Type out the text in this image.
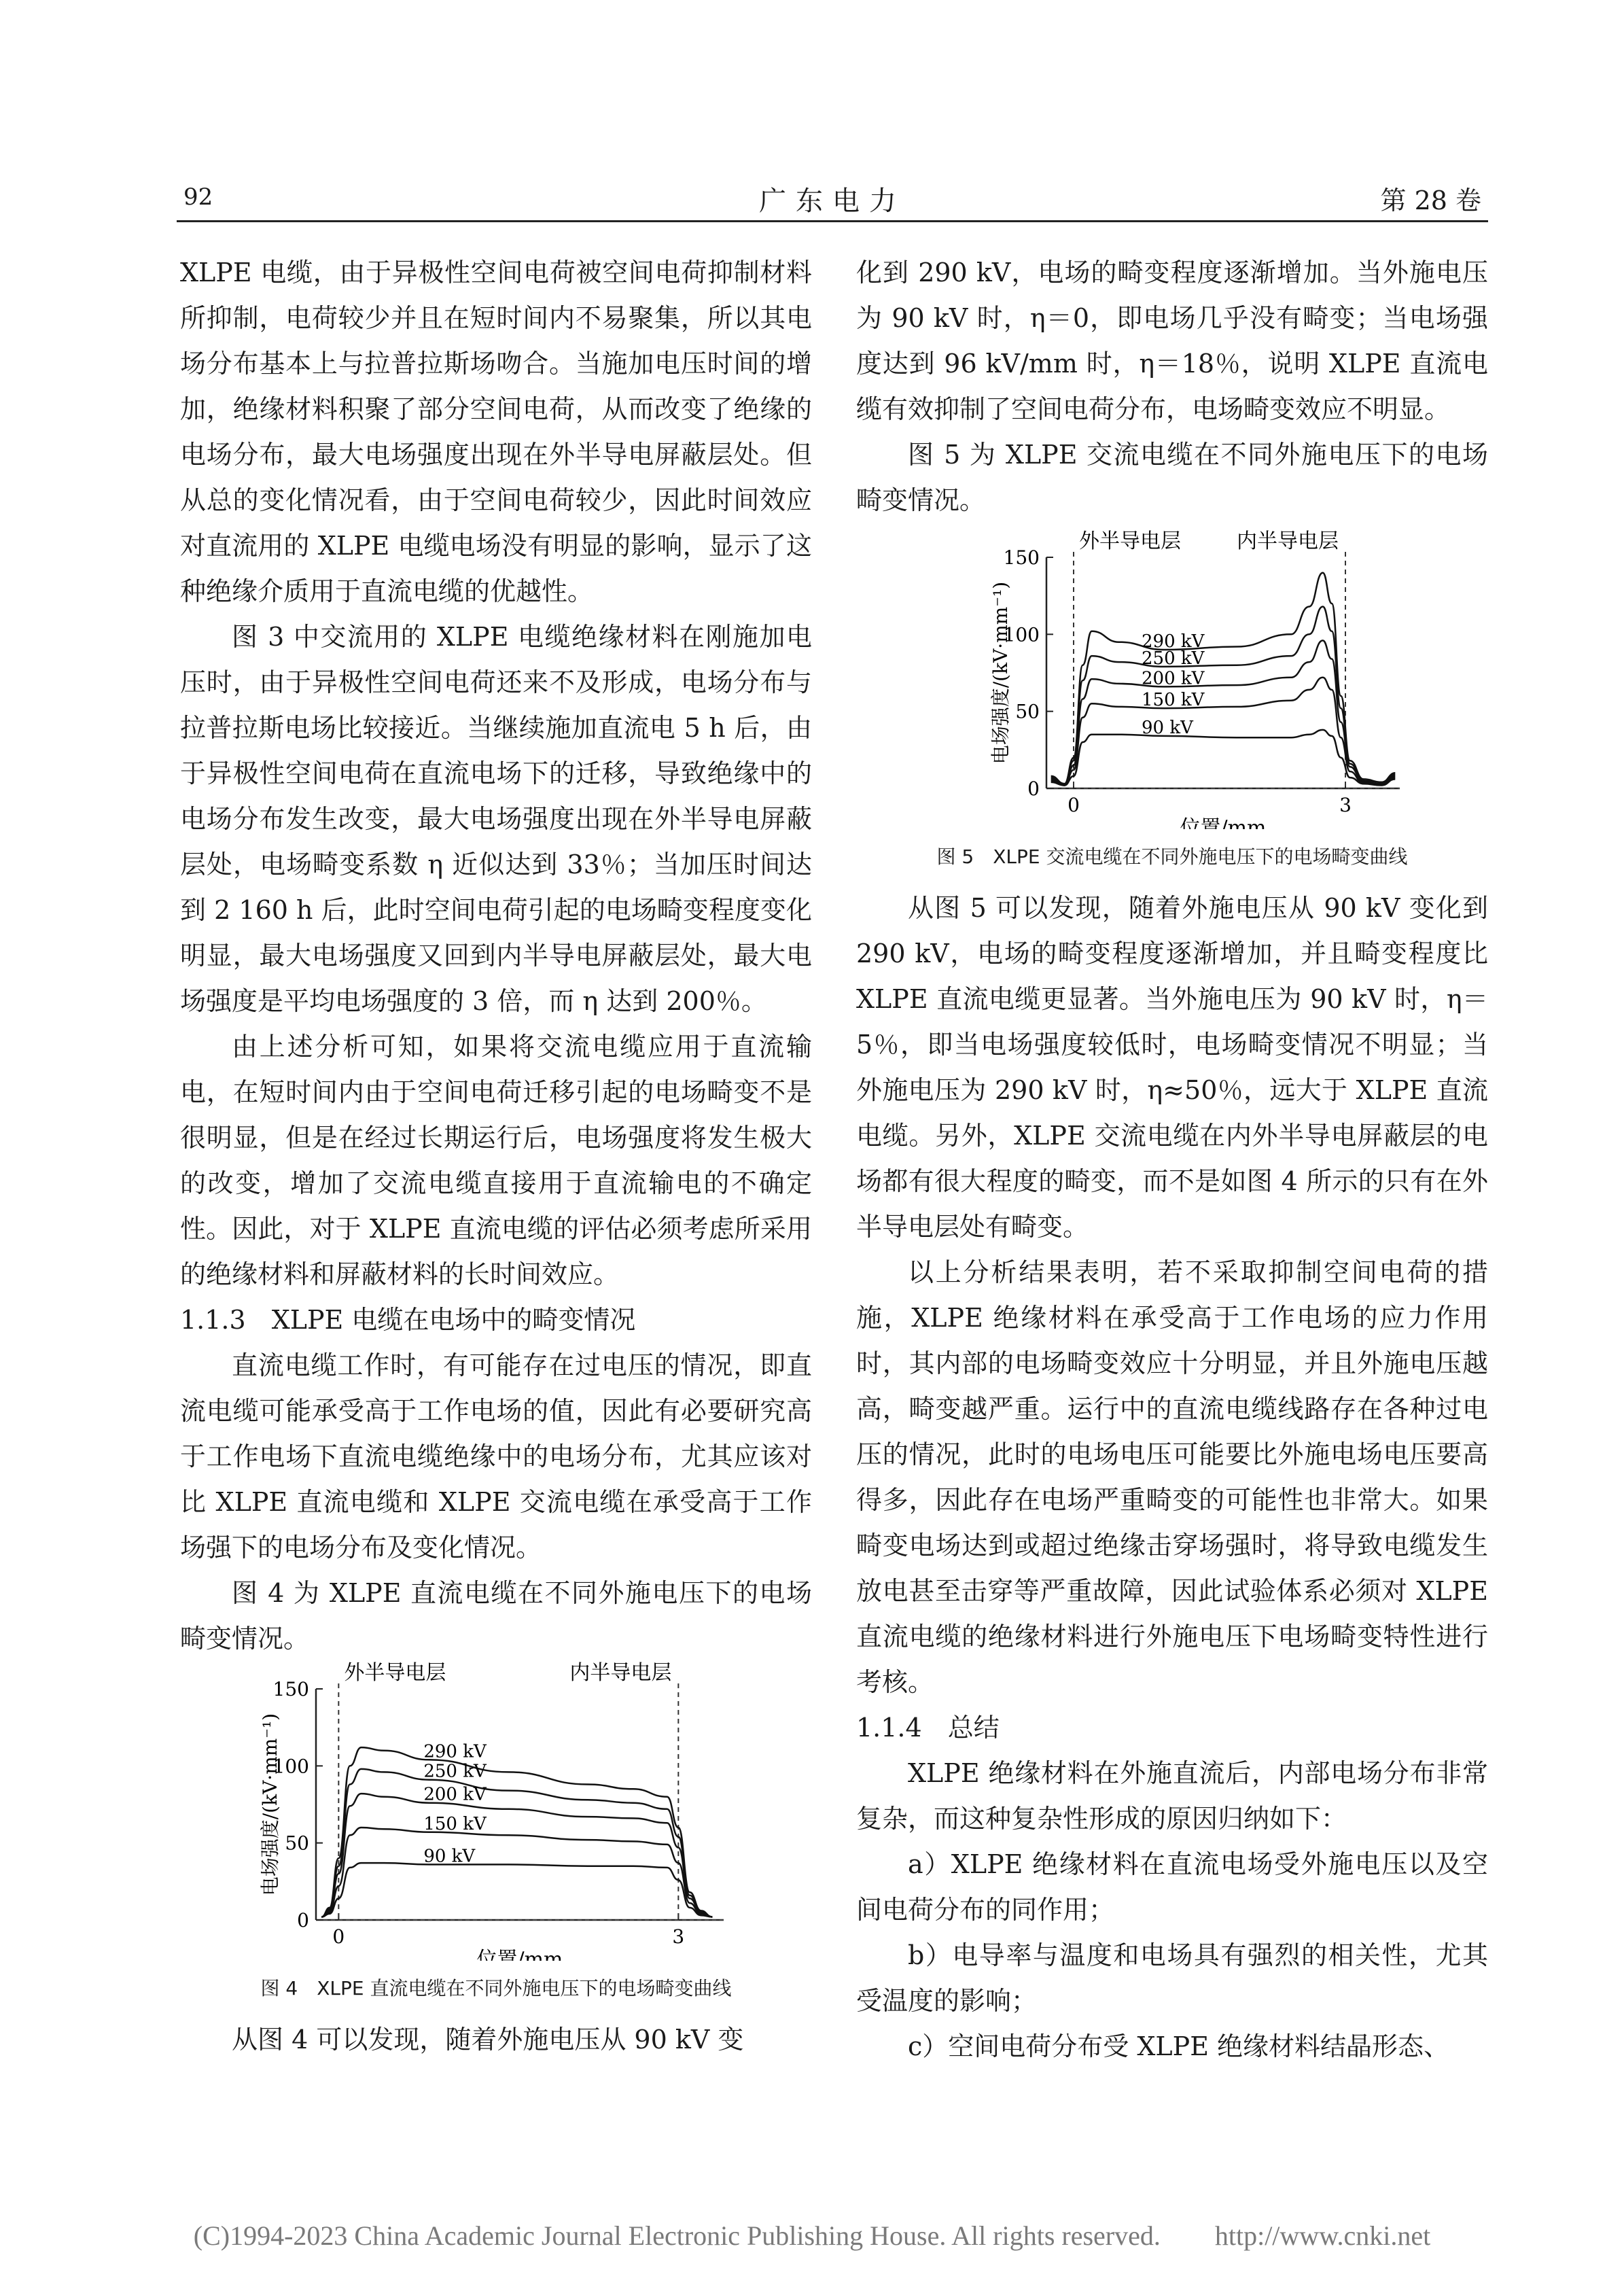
92	广东电力	第 28 卷

XLPE 电缆，由于异极性空间电荷被空间电荷抑制材料所抑制，电荷较少并且在短时间内不易聚集，所以其电场分布基本上与拉普拉斯场吻合。当施加电压时间的增加，绝缘材料积聚了部分空间电荷，从而改变了绝缘的电场分布，最大电场强度出现在外半导电屏蔽层处。但从总的变化情况看，由于空间电荷较少，因此时间效应对直流用的 XLPE 电缆电场没有明显的影响，显示了这种绝缘介质用于直流电缆的优越性。

图 3 中交流用的 XLPE 电缆绝缘材料在刚施加电压时，由于异极性空间电荷还来不及形成，电场分布与拉普拉斯电场比较接近。当继续施加直流电 5 h 后，由于异极性空间电荷在直流电场下的迁移，导致绝缘中的电场分布发生改变，最大电场强度出现在外半导电屏蔽层处，电场畸变系数 η 近似达到 33％；当加压时间达到 2 160 h 后，此时空间电荷引起的电场畸变程度变化明显，最大电场强度又回到内半导电屏蔽层处，最大电场强度是平均电场强度的 3 倍，而 η 达到 200％。

由上述分析可知，如果将交流电缆应用于直流输电，在短时间内由于空间电荷迁移引起的电场畸变不是很明显，但是在经过长期运行后，电场强度将发生极大的改变，增加了交流电缆直接用于直流输电的不确定性。因此，对于 XLPE 直流电缆的评估必须考虑所采用的绝缘材料和屏蔽材料的长时间效应。

1.1.3　XLPE 电缆在电场中的畸变情况

直流电缆工作时，有可能存在过电压的情况，即直流电缆可能承受高于工作电场的值，因此有必要研究高于工作电场下直流电缆绝缘中的电场分布，尤其应该对比 XLPE 直流电缆和 XLPE 交流电缆在承受高于工作场强下的电场分布及变化情况。

图 4 为 XLPE 直流电缆在不同外施电压下的电场畸变情况。

0
50
100
150
0	3
外半导电层	内半导电层
位置/mm
电场强度/(kV·mm⁻¹)	290 kV
250 kV
200 kV
150 kV
90 kV
图 4　XLPE 直流电缆在不同外施电压下的电场畸变曲线

从图 4 可以发现，随着外施电压从 90 kV 变

化到 290 kV，电场的畸变程度逐渐增加。当外施电压为 90 kV 时，η＝0，即电场几乎没有畸变；当电场强度达到 96 kV/mm 时，η＝18％，说明 XLPE 直流电缆有效抑制了空间电荷分布，电场畸变效应不明显。

图 5 为 XLPE 交流电缆在不同外施电压下的电场畸变情况。

0
50
100
150
0	3
外半导电层	内半导电层
位置/mm
电场强度/(kV·mm⁻¹)	290 kV
250 kV
200 kV
150 kV
90 kV
图 5　XLPE 交流电缆在不同外施电压下的电场畸变曲线

从图 5 可以发现，随着外施电压从 90 kV 变化到 290 kV，电场的畸变程度逐渐增加，并且畸变程度比 XLPE 直流电缆更显著。当外施电压为 90 kV 时，η＝5％，即当电场强度较低时，电场畸变情况不明显；当外施电压为 290 kV 时，η≈50％，远大于 XLPE 直流电缆。另外，XLPE 交流电缆在内外半导电屏蔽层的电场都有很大程度的畸变，而不是如图 4 所示的只有在外半导电层处有畸变。

以上分析结果表明，若不采取抑制空间电荷的措施，XLPE 绝缘材料在承受高于工作电场的应力作用时，其内部的电场畸变效应十分明显，并且外施电压越高，畸变越严重。运行中的直流电缆线路存在各种过电压的情况，此时的电场电压可能要比外施电场电压要高得多，因此存在电场严重畸变的可能性也非常大。如果畸变电场达到或超过绝缘击穿场强时，将导致电缆发生放电甚至击穿等严重故障，因此试验体系必须对 XLPE 直流电缆的绝缘材料进行外施电压下电场畸变特性进行考核。

1.1.4　总结

XLPE 绝缘材料在外施直流后，内部电场分布非常复杂，而这种复杂性形成的原因归纳如下：

a）XLPE 绝缘材料在直流电场受外施电压以及空间电荷分布的同作用；

b）电导率与温度和电场具有强烈的相关性，尤其受温度的影响；

c）空间电荷分布受 XLPE 绝缘材料结晶形态、

(C)1994-2023 China Academic Journal Electronic Publishing House. All rights reserved.　　http://www.cnki.net
